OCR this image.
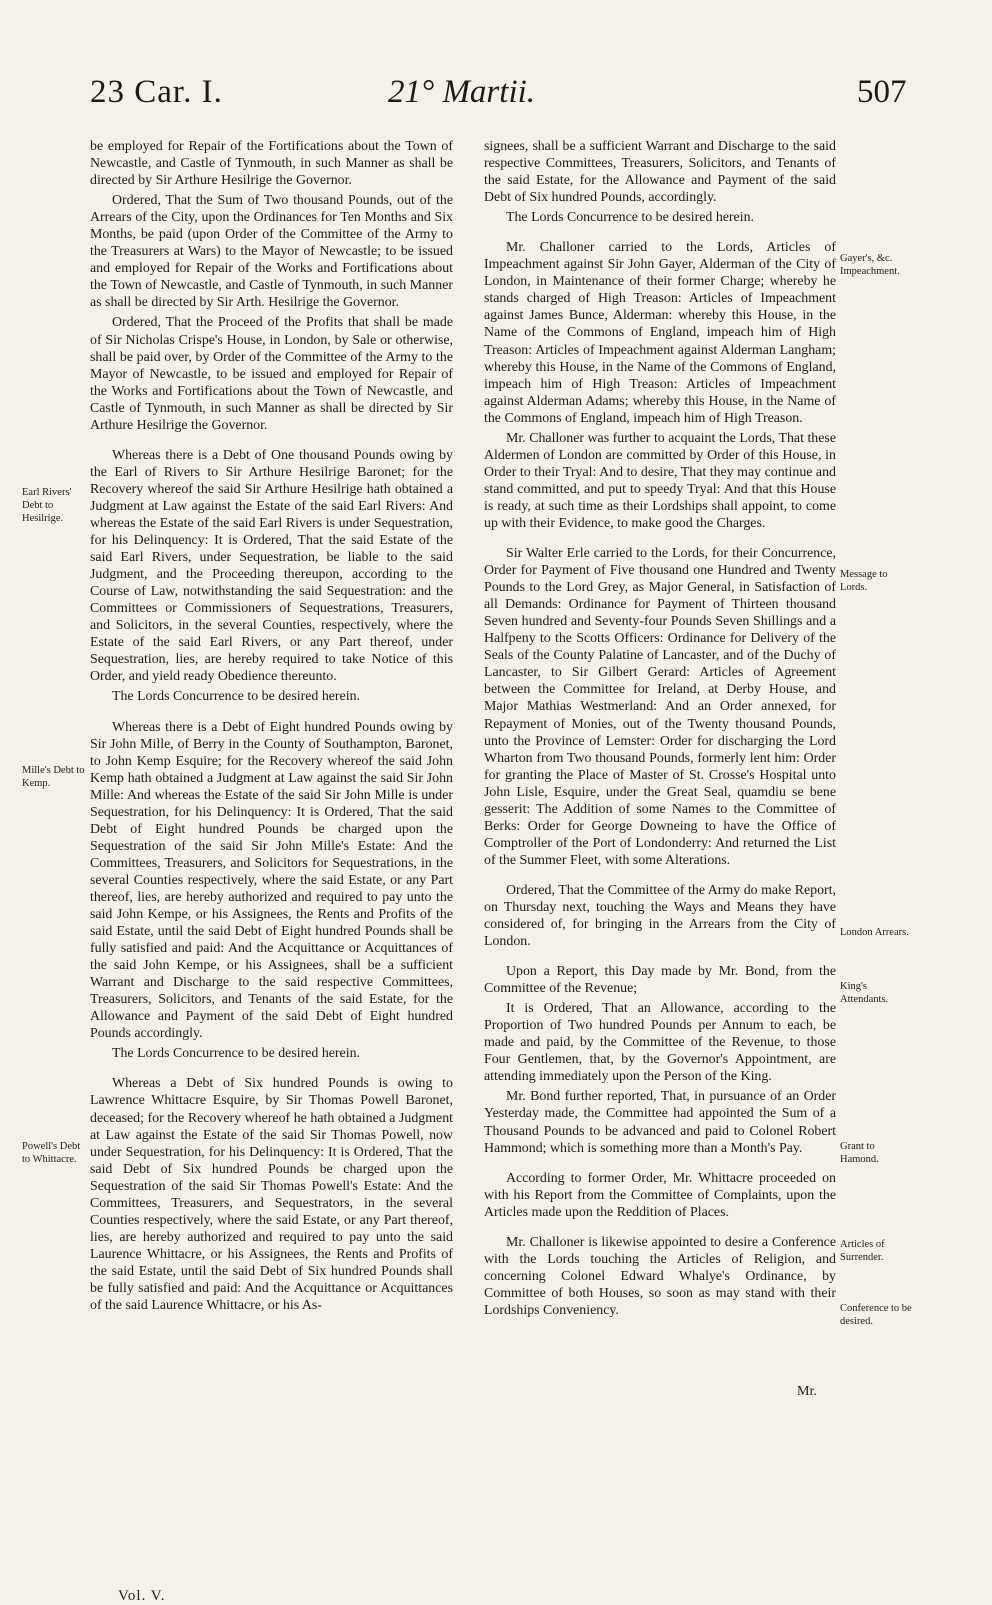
23 Car. I.	21° Martii.	507
Earl Rivers' Debt to Hesilrige.
Mille's Debt to Kemp.
Powell's Debt to Whittacre.
Gayer's, &c. Impeachment.
Message to Lords.
London Arrears.
King's Attendants.
Grant to Hamond.
Articles of Surrender.
Conference to be desired.

be employed for Repair of the Fortifications about the Town of Newcastle, and Castle of Tynmouth, in such Manner as shall be directed by Sir Arthure Hesilrige the Governor.

Ordered, That the Sum of Two thousand Pounds, out of the Arrears of the City, upon the Ordinances for Ten Months and Six Months, be paid (upon Order of the Committee of the Army to the Treasurers at Wars) to the Mayor of Newcastle; to be issued and employed for Repair of the Works and Fortifications about the Town of Newcastle, and Castle of Tynmouth, in such Manner as shall be directed by Sir Arth. Hesilrige the Governor.

Ordered, That the Proceed of the Profits that shall be made of Sir Nicholas Crispe's House, in London, by Sale or otherwise, shall be paid over, by Order of the Committee of the Army to the Mayor of Newcastle, to be issued and employed for Repair of the Works and Fortifications about the Town of Newcastle, and Castle of Tynmouth, in such Manner as shall be directed by Sir Arthure Hesilrige the Governor.

Whereas there is a Debt of One thousand Pounds owing by the Earl of Rivers to Sir Arthure Hesilrige Baronet; for the Recovery whereof the said Sir Arthure Hesilrige hath obtained a Judgment at Law against the Estate of the said Earl Rivers: And whereas the Estate of the said Earl Rivers is under Sequestration, for his Delinquency: It is Ordered, That the said Estate of the said Earl Rivers, under Sequestration, be liable to the said Judgment, and the Proceeding thereupon, according to the Course of Law, notwithstanding the said Sequestration: and the Committees or Commissioners of Sequestrations, Treasurers, and Solicitors, in the several Counties, respectively, where the Estate of the said Earl Rivers, or any Part thereof, under Sequestration, lies, are hereby required to take Notice of this Order, and yield ready Obedience thereunto.

The Lords Concurrence to be desired herein.

Whereas there is a Debt of Eight hundred Pounds owing by Sir John Mille, of Berry in the County of Southampton, Baronet, to John Kemp Esquire; for the Recovery whereof the said John Kemp hath obtained a Judgment at Law against the said Sir John Mille: And whereas the Estate of the said Sir John Mille is under Sequestration, for his Delinquency: It is Ordered, That the said Debt of Eight hundred Pounds be charged upon the Sequestration of the said Sir John Mille's Estate: And the Committees, Treasurers, and Solicitors for Sequestrations, in the several Counties respectively, where the said Estate, or any Part thereof, lies, are hereby authorized and required to pay unto the said John Kempe, or his Assignees, the Rents and Profits of the said Estate, until the said Debt of Eight hundred Pounds shall be fully satisfied and paid: And the Acquittance or Acquittances of the said John Kempe, or his Assignees, shall be a sufficient Warrant and Discharge to the said respective Committees, Treasurers, Solicitors, and Tenants of the said Estate, for the Allowance and Payment of the said Debt of Eight hundred Pounds accordingly.

The Lords Concurrence to be desired herein.

Whereas a Debt of Six hundred Pounds is owing to Lawrence Whittacre Esquire, by Sir Thomas Powell Baronet, deceased; for the Recovery whereof he hath obtained a Judgment at Law against the Estate of the said Sir Thomas Powell, now under Sequestration, for his Delinquency: It is Ordered, That the said Debt of Six hundred Pounds be charged upon the Sequestration of the said Sir Thomas Powell's Estate: And the Committees, Treasurers, and Sequestrators, in the several Counties respectively, where the said Estate, or any Part thereof, lies, are hereby authorized and required to pay unto the said Laurence Whittacre, or his Assignees, the Rents and Profits of the said Estate, until the said Debt of Six hundred Pounds shall be fully satisfied and paid: And the Acquittance or Acquittances of the said Laurence Whittacre, or his As-

signees, shall be a sufficient Warrant and Discharge to the said respective Committees, Treasurers, Solicitors, and Tenants of the said Estate, for the Allowance and Payment of the said Debt of Six hundred Pounds, accordingly.

The Lords Concurrence to be desired herein.

Mr. Challoner carried to the Lords, Articles of Impeachment against Sir John Gayer, Alderman of the City of London, in Maintenance of their former Charge; whereby he stands charged of High Treason: Articles of Impeachment against James Bunce, Alderman: whereby this House, in the Name of the Commons of England, impeach him of High Treason: Articles of Impeachment against Alderman Langham; whereby this House, in the Name of the Commons of England, impeach him of High Treason: Articles of Impeachment against Alderman Adams; whereby this House, in the Name of the Commons of England, impeach him of High Treason.

Mr. Challoner was further to acquaint the Lords, That these Aldermen of London are committed by Order of this House, in Order to their Tryal: And to desire, That they may continue and stand committed, and put to speedy Tryal: And that this House is ready, at such time as their Lordships shall appoint, to come up with their Evidence, to make good the Charges.

Sir Walter Erle carried to the Lords, for their Concurrence, Order for Payment of Five thousand one Hundred and Twenty Pounds to the Lord Grey, as Major General, in Satisfaction of all Demands: Ordinance for Payment of Thirteen thousand Seven hundred and Seventy-four Pounds Seven Shillings and a Halfpeny to the Scotts Officers: Ordinance for Delivery of the Seals of the County Palatine of Lancaster, and of the Duchy of Lancaster, to Sir Gilbert Gerard: Articles of Agreement between the Committee for Ireland, at Derby House, and Major Mathias Westmerland: And an Order annexed, for Repayment of Monies, out of the Twenty thousand Pounds, unto the Province of Lemster: Order for discharging the Lord Wharton from Two thousand Pounds, formerly lent him: Order for granting the Place of Master of St. Crosse's Hospital unto John Lisle, Esquire, under the Great Seal, quamdiu se bene gesserit: The Addition of some Names to the Committee of Berks: Order for George Downeing to have the Office of Comptroller of the Port of Londonderry: And returned the List of the Summer Fleet, with some Alterations.

Ordered, That the Committee of the Army do make Report, on Thursday next, touching the Ways and Means they have considered of, for bringing in the Arrears from the City of London.

Upon a Report, this Day made by Mr. Bond, from the Committee of the Revenue;

It is Ordered, That an Allowance, according to the Proportion of Two hundred Pounds per Annum to each, be made and paid, by the Committee of the Revenue, to those Four Gentlemen, that, by the Governor's Appointment, are attending immediately upon the Person of the King.

Mr. Bond further reported, That, in pursuance of an Order Yesterday made, the Committee had appointed the Sum of a Thousand Pounds to be advanced and paid to Colonel Robert Hammond; which is something more than a Month's Pay.

According to former Order, Mr. Whittacre proceeded on with his Report from the Committee of Complaints, upon the Articles made upon the Reddition of Places.

Mr. Challoner is likewise appointed to desire a Conference with the Lords touching the Articles of Religion, and concerning Colonel Edward Whalye's Ordinance, by Committee of both Houses, so soon as may stand with their Lordships Conveniency.

Mr.
Vol. V.
